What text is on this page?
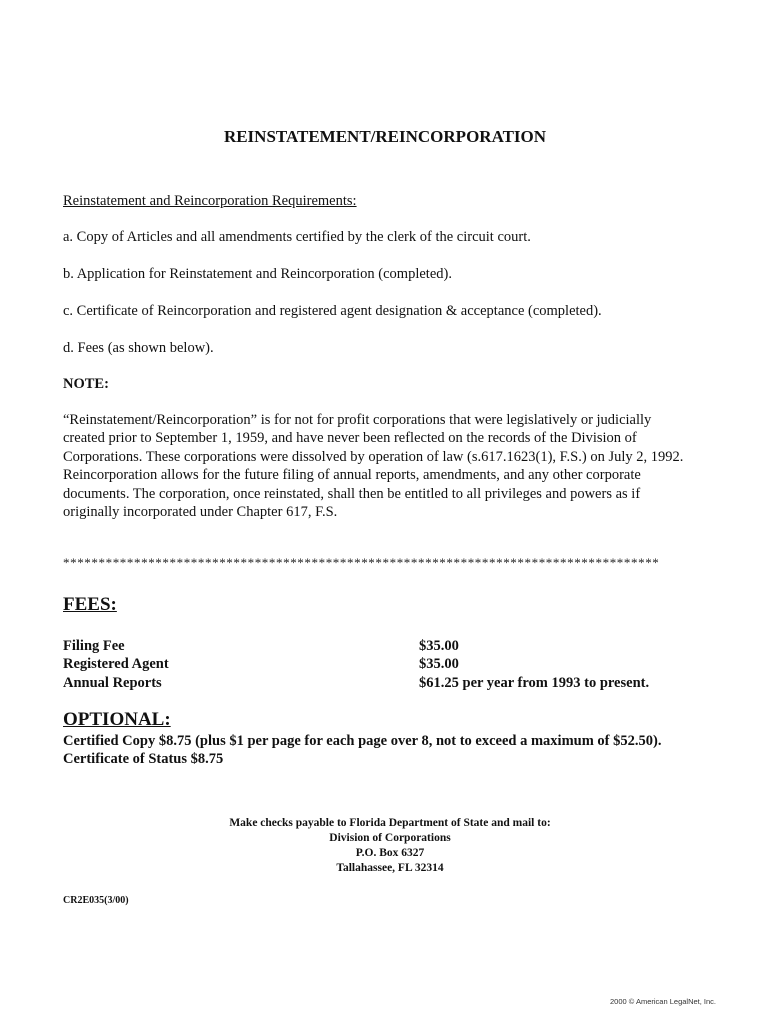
REINSTATEMENT/REINCORPORATION
Reinstatement and Reincorporation Requirements:
a. Copy of Articles and all amendments certified by the clerk of the circuit court.
b. Application for Reinstatement and Reincorporation (completed).
c. Certificate of Reincorporation and registered agent designation & acceptance (completed).
d. Fees (as shown below).
NOTE:
“Reinstatement/Reincorporation” is for not for profit corporations that were legislatively or judicially
created prior to September 1, 1959, and have never been reflected on the records of the Division of
Corporations. These corporations were dissolved by operation of law (s.617.1623(1), F.S.) on July 2, 1992.
Reincorporation allows for the future filing of annual reports, amendments, and any other corporate
documents. The corporation, once reinstated, shall then be entitled to all privileges and powers as if
originally incorporated under Chapter 617, F.S.
************************************************************************************
FEES:
Filing Fee	$35.00
Registered Agent	$35.00
Annual Reports	$61.25 per year from 1993 to present.
OPTIONAL:
Certified Copy $8.75 (plus $1 per page for each page over 8, not to exceed a maximum of $52.50).
Certificate of Status $8.75
Make checks payable to Florida Department of State and mail to:
Division of Corporations
P.O. Box 6327
Tallahassee, FL 32314
CR2E035(3/00)
2000 © American LegalNet, Inc.
